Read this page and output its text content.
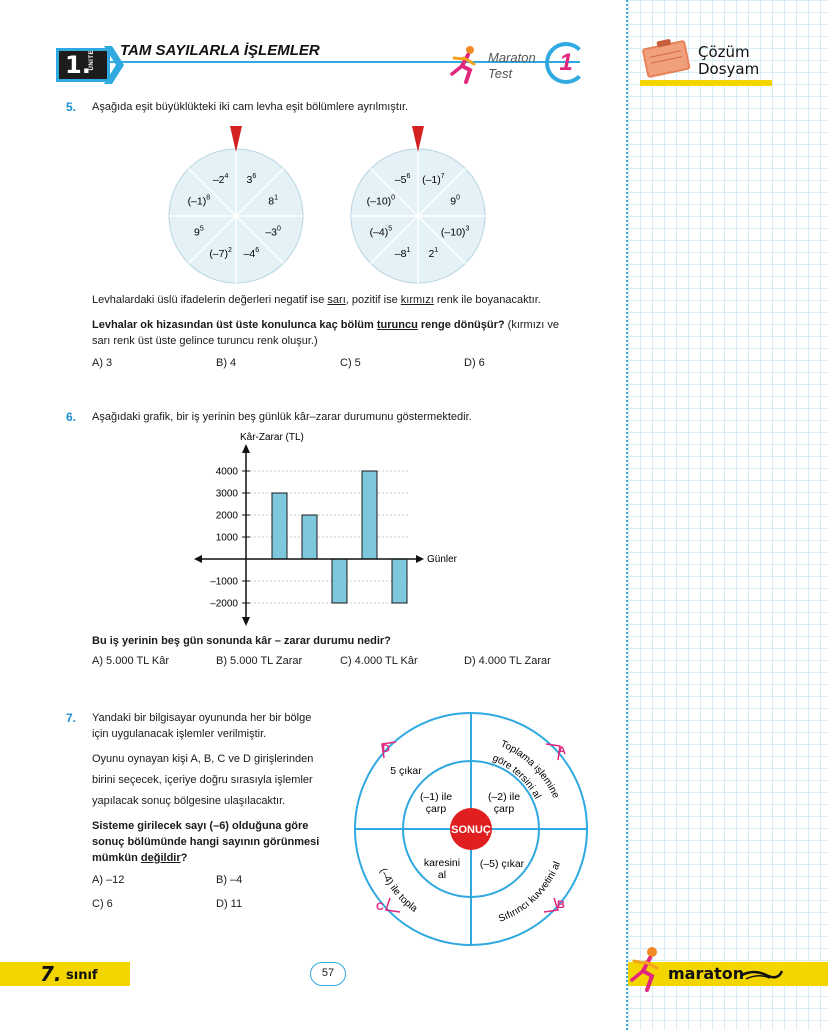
1.
ÜNİTE TAM SAYILARLA İŞLEMLER	Maraton
Test	1	Çözüm
Dosyam
5. Aşağıda eşit büyüklükteki iki cam levha eşit bölümlere ayrılmıştır.
$3^6$
$8^1$
$-3^0$
$-4^6$
$(-7)^2$
$9^5$
$(-1)^8$
$-2^4$	$(-1)^7$
$9^0$
$(-10)^3$
$2^1$
$-8^1$
$(-4)^5$
$(-10)^0$
$-5^6$
Levhalardaki üslü ifadelerin değerleri negatif ise sarı, pozitif ise kırmızı renk ile boyanacaktır.
Levhalar ok hizasından üst üste konulunca kaç bölüm turuncu renge dönüşür? (kırmızı ve
sarı renk üst üste gelince turuncu renk oluşur.)
A) 3	B) 4	C) 5	D) 6
6. Aşağıdaki grafik, bir iş yerinin beş günlük kâr–zarar durumunu göstermektedir.
Kâr-Zarar (TL)
4000
3000
2000
1000
–1000
–2000
Günler
Bu iş yerinin beş gün sonunda kâr – zarar durumu nedir?
A) 5.000 TL Kâr	B) 5.000 TL Zarar	C) 4.000 TL Kâr	D) 4.000 TL Zarar
7. Yandaki bir bilgisayar oyununda her bir bölge
için uygulanacak işlemler verilmiştir.
Oyunu oynayan kişi A, B, C ve D girişlerinden
birini seçecek, içeriye doğru sırasıyla işlemler
yapılacak sonuç bölgesine ulaşılacaktır.
Sisteme girilecek sayı (–6) olduğuna göre
sonuç bölümünde hangi sayının görünmesi
mümkün değildir?
A) –12	B) –4
C) 6	D) 11
SONUÇ
(–1) ile
çarp
(–2) ile
çarp
karesini
al
(–5) çıkar
5 çıkar
Toplama işlemine
göre tersini al
(–4) ile topla
Sıfırıncı kuvvetini al
A
B
C
D
7. sınıf	57	maraton
